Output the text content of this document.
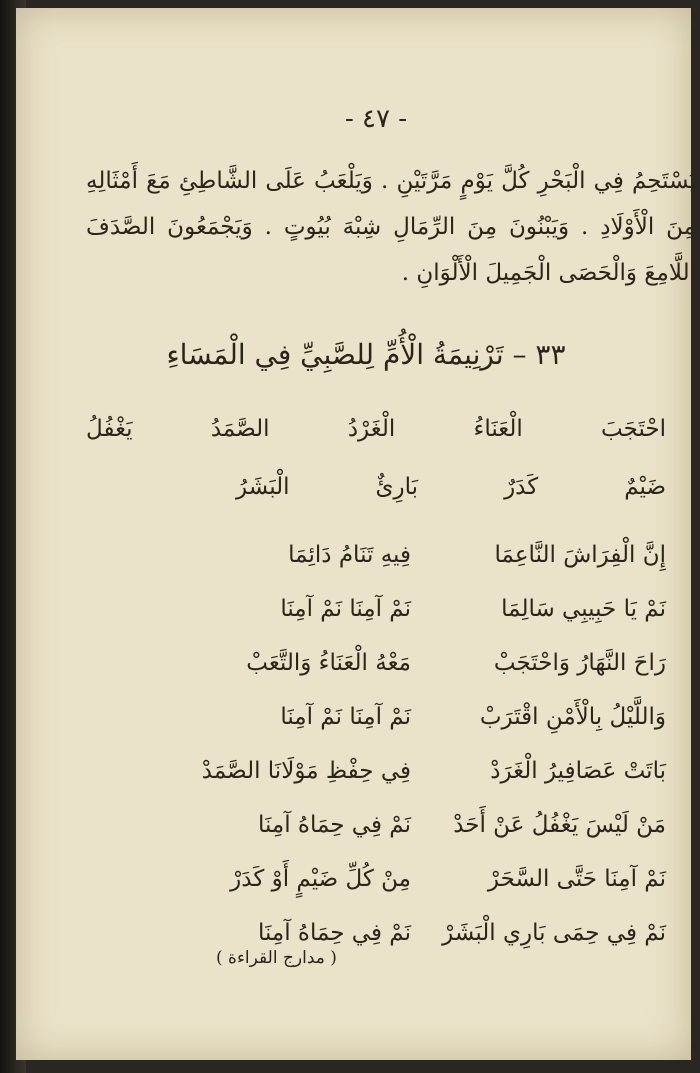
- ٤٧ -
يَسْتَحِمُ فِي الْبَحْرِ كُلَّ يَوْمٍ مَرَّتَيْنِ . وَيَلْعَبُ عَلَى الشَّاطِئِ مَعَ أَمْثَالِهِ مِنَ الْأَوْلَادِ . وَيَبْنُونَ مِنَ الرِّمَالِ شِبْهَ بُيُوتٍ . وَيَجْمَعُونَ الصَّدَفَ اللَّامِعَ وَالْحَصَى الْجَمِيلَ الْأَلْوَانِ .
٣٣ – تَرْنِيمَةُ الْأُمِّ لِلصَّبِيِّ فِي الْمَسَاءِ
احْتَجَبَ
الْعَنَاءُ
الْغَرْدُ
الصَّمَدُ
يَغْفُلُ
ضَيْمٌ
كَدَرٌ
بَارِئٌ
الْبَشَرُ
إِنَّ الْفِرَاشَ النَّاعِمَا
فِيهِ تَنَامُ دَائِمَا
نَمْ يَا حَبِيبِي سَالِمَا
نَمْ آمِنَا نَمْ آمِنَا
رَاحَ النَّهَارُ وَاحْتَجَبْ
مَعْهُ الْعَنَاءُ وَالتَّعَبْ
وَاللَّيْلُ بِالْأَمْنِ اقْتَرَبْ
نَمْ آمِنَا نَمْ آمِنَا
بَاتَتْ عَصَافِيرُ الْغَرَدْ
فِي حِفْظِ مَوْلَانَا الصَّمَدْ
مَنْ لَيْسَ يَغْفُلُ عَنْ أَحَدْ
نَمْ فِي حِمَاهُ آمِنَا
نَمْ آمِنَا حَتَّى السَّحَرْ
مِنْ كُلِّ ضَيْمٍ أَوْ كَدَرْ
نَمْ فِي حِمَى بَارِي الْبَشَرْ
نَمْ فِي حِمَاهُ آمِنَا
( مدارج القراءة )
